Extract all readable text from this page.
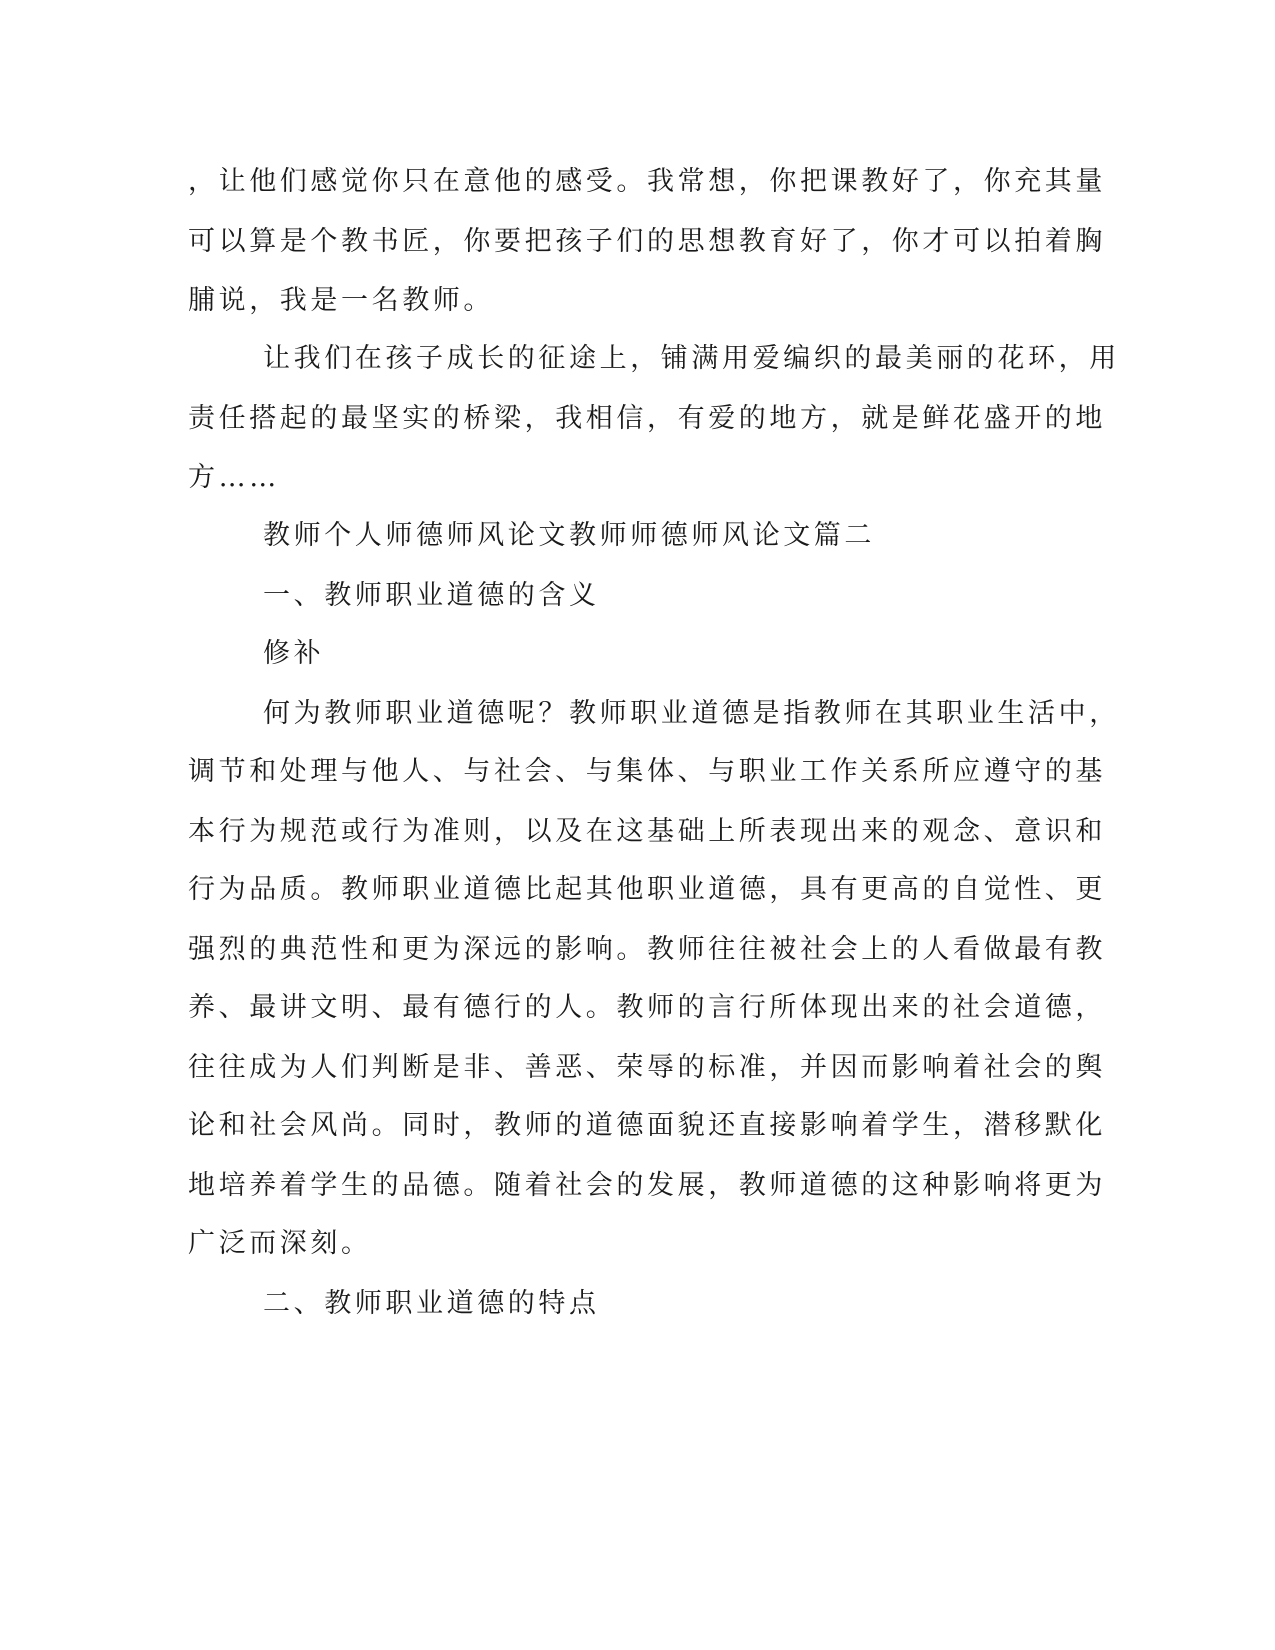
，让他们感觉你只在意他的感受。我常想，你把课教好了，你充其量

可以算是个教书匠，你要把孩子们的思想教育好了，你才可以拍着胸

脯说，我是一名教师。

让我们在孩子成长的征途上，铺满用爱编织的最美丽的花环，用

责任搭起的最坚实的桥梁，我相信，有爱的地方，就是鲜花盛开的地

方……

教师个人师德师风论文教师师德师风论文篇二

一、教师职业道德的含义

修补

何为教师职业道德呢？教师职业道德是指教师在其职业生活中，

调节和处理与他人、与社会、与集体、与职业工作关系所应遵守的基

本行为规范或行为准则，以及在这基础上所表现出来的观念、意识和

行为品质。教师职业道德比起其他职业道德，具有更高的自觉性、更

强烈的典范性和更为深远的影响。教师往往被社会上的人看做最有教

养、最讲文明、最有德行的人。教师的言行所体现出来的社会道德，

往往成为人们判断是非、善恶、荣辱的标准，并因而影响着社会的舆

论和社会风尚。同时，教师的道德面貌还直接影响着学生，潜移默化

地培养着学生的品德。随着社会的发展，教师道德的这种影响将更为

广泛而深刻。

二、教师职业道德的特点
